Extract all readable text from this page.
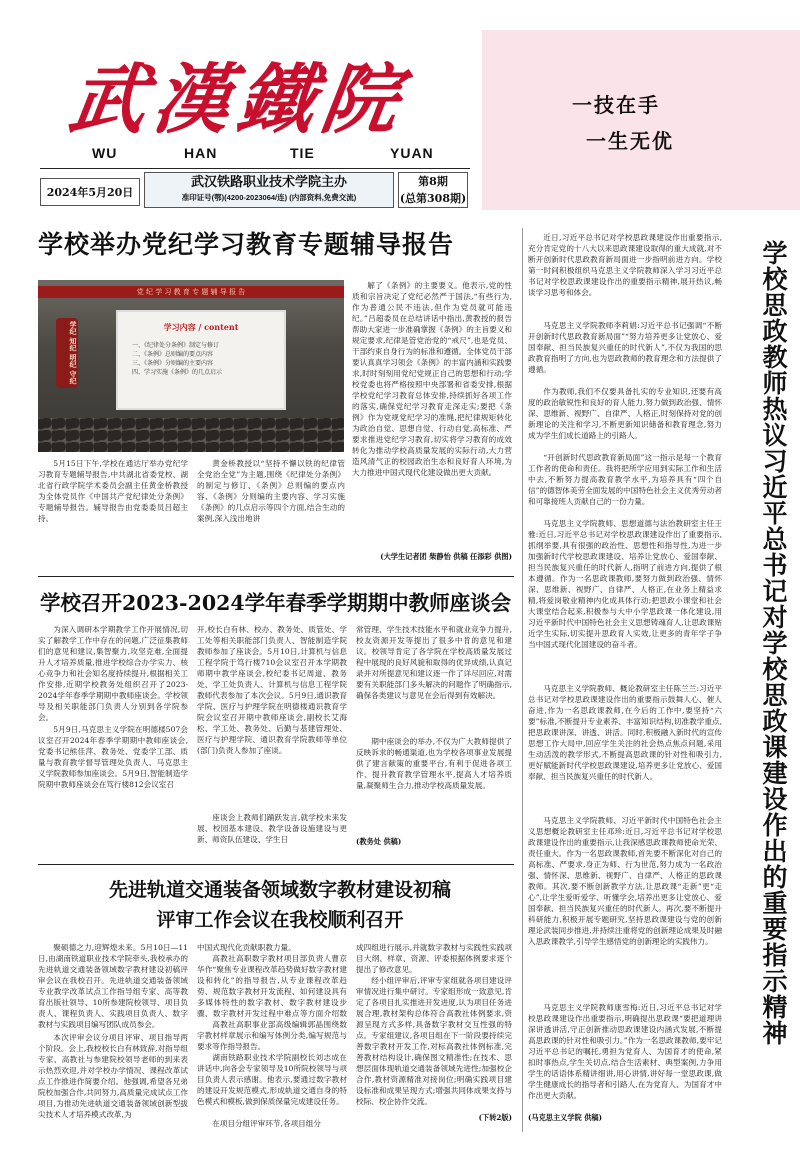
武漢鐵院
WU	HAN	TIE	YUAN
一技在手
一生无优
2024年5月20日
武汉铁路职业技术学院主办
准印证号(鄂)(4200-2023064/连) (内部资料,免费交流)
第8期
(总第308期)
学校举办党纪学习教育专题辅导报告
党 纪 学 习 教 育 专 题 辅 导 报 告
学纪 知纪 明纪 守纪	学习内容 / content
一、《纪律处分条例》制定与修订
二、《条例》总则编的要点内容
三、《条例》分则编的主要内容
四、学习实施《条例》的几点启示
5月15日下午,学校在通达厅举办党纪学习教育专题辅导报告,中共湖北省委党校、湖北省行政学院学术委员会副主任黄金桥教授为全体党员作《中国共产党纪律处分条例》专题辅导报告。辅导报告由党委委员吕超主持。
黄金桥教授以“坚持不懈以铁的纪律管全党治全党”为主题,围绕《纪律处分条例》的制定与修订、《条例》总则编的要点内容、《条例》分则编的主要内容、学习实施《条例》的几点启示等四个方面,结合生动的案例,深入浅出地讲
解了《条例》的主要要义。他表示,党的性质和宗旨决定了党纪必然严于国法,“有些行为,作为普通公民不违法,但作为党员就可能违纪。”吕超委员在总结讲话中指出,黄教授的报告帮助大家进一步准确掌握《条例》的主旨要义和规定要求,纪律是管党治党的“戒尺”,也是党员、干部约束自身行为的标准和遵循。全体党员干部要认真真学习领会《条例》的丰富内涵和实践要求,时时刻刻用党纪党规正自己的思想和行动;学校党委也将严格按照中央部署和省委安排,根据学校党纪学习教育总体安排,持续抓好各项工作的落实,确保党纪学习教育走深走实;要把《条例》作为党规党纪学习的准绳,把纪律规矩转化为政治自觉、思想自觉、行动自觉,高标准、严要求推进党纪学习教育,切实将学习教育的成效转化为推动学校高质量发展的实际行动,大力营造风清气正的校园政治生态和良好育人环境,为大力推进中国式现代化建设做出更大贡献。
(大学生记者团 柴静怡 供稿 任添彩 供图)
学校召开2023-2024学年春季学期期中教师座谈会
为深入调研本学期教学工作开展情况,切实了解教学工作中存在的问题,广泛征集教师们的意见和建议,集智聚力,攻坚克难,全面提升人才培养质量,推进学校综合办学实力、核心竞争力和社会知名度持续提升,根据相关工作安排,近期学校教务处组织召开了2023-2024学年春季学期期中教师座谈会。学校领导及相关职能部门负责人分别到各学院参会。
5月9日,马克思主义学院在明德楼507会议室召开2024年春季学期期中教师座谈会,党委书记熊佳萍、教务处、党委学工部、质量与教育教学督导管理处负责人、马克思主义学院教师参加座谈会。5月9日,智能制造学院期中教师座谈会在笃行楼812会议室召
开,校长白有林、校办、教务处、质管处、学工处等相关职能部门负责人、智能制造学院教师参加了座谈会。5月10日,计算机与信息工程学院于笃行楼710会议室召开本学期教师期中教学座谈会,校纪委书记周道、教务处、学工处负责人、计算机与信息工程学院教师代表参加了本次会议。5月9日,通识教育学院、医疗与护理学院在明德楼通识教育学院会议室召开期中教师座谈会,副校长艾海松、学工处、教务处、后勤与基建管理处、医疗与护理学院、通识教育学院教师等单位(部门)负责人参加了座谈。
座谈会上教师们踊跃发言,就学校未来发展、校园基本建设、教学设备设施建设与更新、师资队伍建设、学生日
常管理、学生技术技能水平和就业竞争力提升,校友资源开发等提出了很多中肯的意见和建议。校领导肯定了各学院在学校高质量发展过程中展现的良好风貌和取得的优异成绩,认真记录并对所提意见和建议逐一作了详尽回应,对需要有关职能部门多头解决的问题作了明确指示,确保各类建议与意见在会后得到有效解决。
期中座谈会的举办,不仅为广大教师提供了反映诉求的畅通渠道,也为学校各项事业发展提供了建言献策的重要平台,有利于促进各项工作、提升教育教学管理水平,提高人才培养质量,凝聚师生合力,推动学校高质量发展。
(教务处 供稿)
先进轨道交通装备领域数字教材建设初稿
评审工作会议在我校顺利召开
聚硕德之力,迎辉煌未来。5月10日—11日,由湖南铁道职业技术学院牵头,我校承办的先进轨道交通装备领域数字教材建设初稿评审会议在我校召开。先进轨道交通装备领域专业教学改革试点工作指导组专家、高等教育出版社领导、10所参建院校领导、项目负责人、课程负责人、实践项目负责人、数字教材与实践项目编写团队成员参会。
本次评审会议分项目评审、项目指导两个阶段。会上,我校校长白有林致辞,对指导组专家、高教社与参建院校领导老师的到来表示热烈欢迎,并对学校办学情况、课程改革试点工作推进作简要介绍。他强调,希望各兄弟院校加强合作,共同努力,高质量完成试点工作项目,为推动先进轨道交通装备领域创新型拔尖技术人才培养模式改革,为
中国式现代化贡献职教力量。
高教社高职数字教材项目部负责人曹京华作“聚焦专业课程改革趋势做好数字教材建设和转化”的指导报告,从专业课程改革趋势、规范数字教材开发流程、如何建设具有多媒体特性的数字教材、数字教材建设步骤、数字教材开发过程中难点等方面介绍数
高教社高职事业部高级编辑郭晶围绕数字教材样章展示和编写体例分类,编写规范与要求等作指导报告。
湖南铁路职业技术学院副校长刘志成在讲话中,向各会专家领导及10所院校领导与项目负责人表示感谢。他表示,要通过数字教材的建设开发规范模式,形成轨道交通自身的特色模式和模板,做到保质保量完成建设任务。
在项目分组评审环节,各项目组分
成四组进行展示,并就数字教材与实践性实践项目大纲、样章、资源、评委根据体例要求逐个提出了修改意见。
经小组评审后,评审专家组就各项目建设评审情况进行集中研讨。专家组形成一致意见,肯定了各项目扎实推进开发进度,认为项目任务进展合理,教材架构总体符合高教社体例要求,资源呈现方式多样,具备数字教材交互性强的特点。专家组建议,各项目组在下一阶段要持续完善数字教材开发工作,对标高教社体例标准,完善教材结构设计,确保图文精准性;在技术、思想层面体现轨道交通装备领域先进性;加强校企合作,教材资源精准对接岗位;明确实践项目建设标准和成果呈现方式;增强共同体成果支持与校际、校企协作交流。
(下转2版)
近日,习近平总书记对学校思政课建设作出重要指示,充分肯定党的十八大以来思政课建设取得的重大成就,对不断开创新时代思政教育新局面进一步指明前进方向。学校第一时间积极组织马克思主义学院教师深入学习习近平总书记对学校思政课建设作出的重要指示精神,展开热议,畅谈学习思考和体会。
马克思主义学院教师李莉娟:习近平总书记强调“不断开创新时代思政教育新局面”“努力培养更多让党放心、爱国奉献、担当民族复兴重任的时代新人”,不仅为我国的思政教育指明了方向,也为思政教师的教育理念和方法提供了遵循。
作为教师,我们不仅要具备扎实的专业知识,还要有高度的政治敏锐性和良好的育人能力,努力做到政治强、情怀深、思维新、视野广、自律严、人格正,时刻保持对党的创新理论的关注和学习,不断更新知识储备和教育理念,努力成为学生们成长道路上的引路人。
“开创新时代思政教育新局面”这一指示是每一个教育工作者的使命和责任。我将把所学应用到实际工作和生活中去,不断努力提高教育教学水平,为培养具有“四个自信”的德智体美劳全面发展的中国特色社会主义优秀劳动者和可靠接班人贡献自己的一份力量。
马克思主义学院教师、思想道德与法治教研室主任王雅:近日,习近平总书记对学校思政课建设作出了重要指示,抓纲举要,具有很强的政治性、思想性和指导性,为进一步加强新时代学校思政课建设、培养让党放心、爱国奉献、担当民族复兴重任的时代新人,指明了前进方向,提供了根本遵循。作为一名思政课教师,要努力做到政治强、情怀深、思维新、视野广、自律严、人格正,在业务上精益求精,将爱岗敬业精神内化成具体行动;把思政小课堂和社会大课堂结合起来,积极参与大中小学思政课一体化建设,用习近平新时代中国特色社会主义思想铸魂育人,让思政课贴近学生实际,切实提升思政育人实效,让更多的青年学子争当中国式现代化国建设的奋斗者。
马克思主义学院教师、概论教研室主任陈兰兰:习近平总书记对学校思政课建设作出的重要指示鼓舞人心、催人奋进,作为一名思政课教师,在今后的工作中,要坚持“六要”标准,不断提升专业素养、丰富知识结构,切准教学重点,把思政课讲深、讲透、讲活。同时,积极融入新时代的宣传思想工作大局中,回应学生关注的社会热点焦点问题,采用生动活泼的教学形式,不断提高思政课的针对性和吸引力,更好赋能新时代学校思政课建设,培养更多让党放心、爱国奉献、担当民族复兴重任的时代新人。
马克思主义学院教师、习近平新时代中国特色社会主义思想概论教研室主任邓珍:近日,习近平总书记对学校思政课建设作出的重要指示,让我深感思政课教师使命光荣、责任重大。作为一名思政课教师,首先要不断深化对自己的高标准、严要求,身正为师、行为世范,努力成为一名政治强、情怀深、思维新、视野广、自律严、人格正的思政课教师。其次,要不断创新教学方法,让思政课“走新”更“走心”,让学生爱听爱学、听懂学会,培养出更多让党放心、爱国奉献、担当民族复兴重任的时代新人。再次,要不断提升科研能力,积极开展专题研究,坚持思政课建设与党的创新理论武装同步推进,并持续注重将党的创新理论成果及时融入思政课教学,引导学生感悟党的创新理论的实践伟力。
马克思主义学院教师康雪梅:近日,习近平总书记对学校思政课建设作出重要指示,明确提出思政课“要把道理讲深讲透讲活,守正创新推动思政课建设内涵式发展,不断提高思政课的针对性和吸引力。”作为一名思政课教师,要牢记习近平总书记的嘱托,勇担为党育人、为国育才的使命,紧扣时事热点,学生关切点,结合生活素材、典型案例,力争用学生的话语体系精讲细讲,用心讲情,讲好每一堂思政课,做学生健康成长的指导者和引路人,在为党育人、为国育才中作出更大贡献。
(马克思主义学院 供稿)
学校思政教师热议习近平总书记对学校思政课建设作出的重要指示精神
